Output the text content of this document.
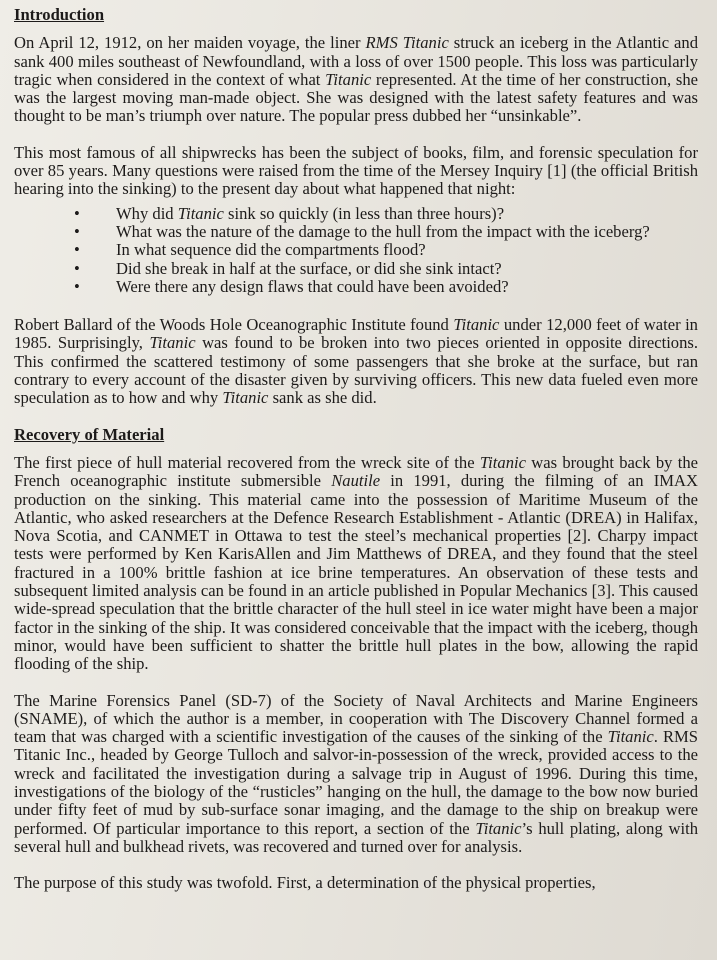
Introduction

On April 12, 1912, on her maiden voyage, the liner RMS Titanic struck an iceberg in the Atlantic and sank 400 miles southeast of Newfoundland, with a loss of over 1500 people. This loss was particularly tragic when considered in the context of what Titanic represented. At the time of her construction, she was the largest moving man-made object. She was designed with the latest safety features and was thought to be man’s triumph over nature. The popular press dubbed her “unsinkable”.

This most famous of all shipwrecks has been the subject of books, film, and forensic speculation for over 85 years. Many questions were raised from the time of the Mersey Inquiry [1] (the official British hearing into the sinking) to the present day about what happened that night:

• Why did Titanic sink so quickly (in less than three hours)?
• What was the nature of the damage to the hull from the impact with the iceberg?
• In what sequence did the compartments flood?
• Did she break in half at the surface, or did she sink intact?
• Were there any design flaws that could have been avoided?

Robert Ballard of the Woods Hole Oceanographic Institute found Titanic under 12,000 feet of water in 1985. Surprisingly, Titanic was found to be broken into two pieces oriented in opposite directions. This confirmed the scattered testimony of some passengers that she broke at the surface, but ran contrary to every account of the disaster given by surviving officers. This new data fueled even more speculation as to how and why Titanic sank as she did.

Recovery of Material

The first piece of hull material recovered from the wreck site of the Titanic was brought back by the French oceanographic institute submersible Nautile in 1991, during the filming of an IMAX production on the sinking. This material came into the possession of Maritime Museum of the Atlantic, who asked researchers at the Defence Research Establishment - Atlantic (DREA) in Halifax, Nova Scotia, and CANMET in Ottawa to test the steel’s mechanical properties [2]. Charpy impact tests were performed by Ken KarisAllen and Jim Matthews of DREA, and they found that the steel fractured in a 100% brittle fashion at ice brine temperatures. An observation of these tests and subsequent limited analysis can be found in an article published in Popular Mechanics [3]. This caused wide-spread speculation that the brittle character of the hull steel in ice water might have been a major factor in the sinking of the ship. It was considered conceivable that the impact with the iceberg, though minor, would have been sufficient to shatter the brittle hull plates in the bow, allowing the rapid flooding of the ship.

The Marine Forensics Panel (SD-7) of the Society of Naval Architects and Marine Engineers (SNAME), of which the author is a member, in cooperation with The Discovery Channel formed a team that was charged with a scientific investigation of the causes of the sinking of the Titanic. RMS Titanic Inc., headed by George Tulloch and salvor-in-possession of the wreck, provided access to the wreck and facilitated the investigation during a salvage trip in August of 1996. During this time, investigations of the biology of the “rusticles” hanging on the hull, the damage to the bow now buried under fifty feet of mud by sub-surface sonar imaging, and the damage to the ship on breakup were performed. Of particular importance to this report, a section of the Titanic’s hull plating, along with several hull and bulkhead rivets, was recovered and turned over for analysis.

The purpose of this study was twofold. First, a determination of the physical properties,
